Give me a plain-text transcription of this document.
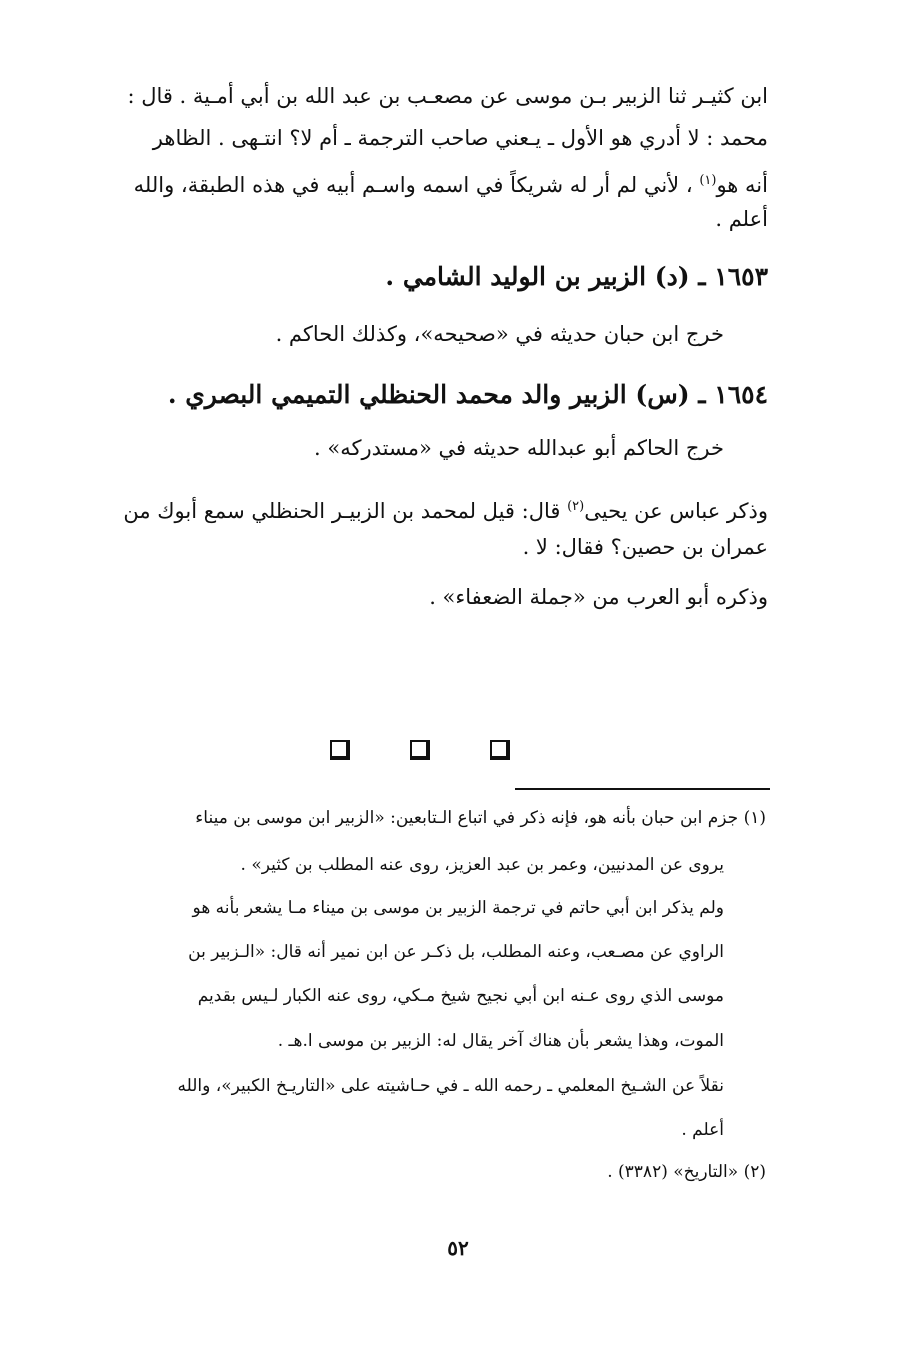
ابن كثيـر ثنا الزبير بـن موسى عن مصعـب بن عبد الله بن أبي أمـية . قال :
محمد : لا أدري هو الأول ـ يـعني صاحب الترجمة ـ أم لا؟ انتـهى . الظاهر
أنه هو$^{(١)}$ ، لأني لم أر له شريكاً في اسمه واسـم أبيه في هذه الطبقة، والله
أعلم .
١٦٥٣ ـ (د) الزبير بن الوليد الشامي .
خرج ابن حبان حديثه في «صحيحه»، وكذلك الحاكم .
١٦٥٤ ـ (س) الزبير والد محمد الحنظلي التميمي البصري .
خرج الحاكم أبو عبدالله حديثه في «مستدركه» .
وذكر عباس عن يحيى$^{(٢)}$ قال: قيل لمحمد بن الزبيـر الحنظلي سمع أبوك من
عمران بن حصين؟ فقال: لا .
وذكره أبو العرب من «جملة الضعفاء» .
(١) جزم ابن حبان بأنه هو، فإنه ذكر في اتباع الـتابعين: «الزبير ابن موسى بن ميناء
يروى عن المدنيين، وعمر بن عبد العزيز، روى عنه المطلب بن كثير» .
ولم يذكر ابن أبي حاتم في ترجمة الزبير بن موسى بن ميناء مـا يشعر بأنه هو
الراوي عن مصـعب، وعنه المطلب، بل ذكـر عن ابن نمير أنه قال: «الـزبير بن
موسى الذي روى عـنه ابن أبي نجيح شيخ مـكي، روى عنه الكبار لـيس بقديم
الموت، وهذا يشعر بأن هناك آخر يقال له: الزبير بن موسى ا.هـ .
نقلاً عن الشـيخ المعلمي ـ رحمه الله ـ في حـاشيته على «التاريـخ الكبير»، والله
أعلم .
(٢) «التاريخ» (٣٣٨٢) .
٥٢
